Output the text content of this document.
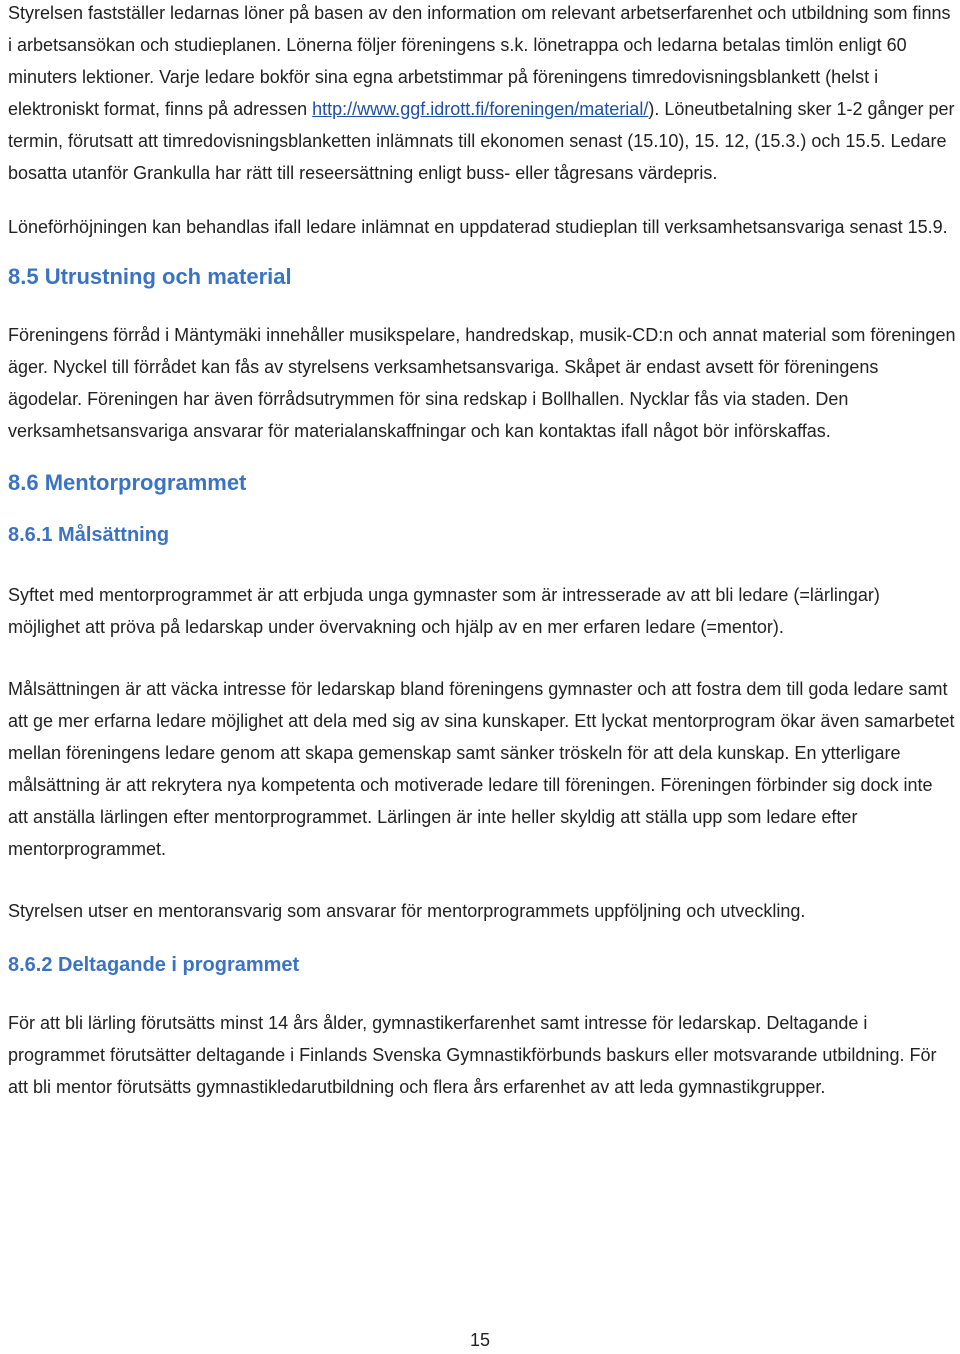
Styrelsen fastställer ledarnas löner på basen av den information om relevant arbetserfarenhet och utbildning som finns i arbetsansökan och studieplanen. Lönerna följer föreningens s.k. lönetrappa och ledarna betalas timlön enligt 60 minuters lektioner. Varje ledare bokför sina egna arbetstimmar på föreningens timredovisningsblankett (helst i elektroniskt format, finns på adressen http://www.ggf.idrott.fi/foreningen/material/). Löneutbetalning sker 1-2 gånger per termin, förutsatt att timredovisningsblanketten inlämnats till ekonomen senast (15.10), 15. 12, (15.3.) och 15.5. Ledare bosatta utanför Grankulla har rätt till reseersättning enligt buss- eller tågresans värdepris.

Löneförhöjningen kan behandlas ifall ledare inlämnat en uppdaterad studieplan till verksamhetsansvariga senast 15.9.

8.5 Utrustning och material

Föreningens förråd i Mäntymäki innehåller musikspelare, handredskap, musik-CD:n och annat material som föreningen äger. Nyckel till förrådet kan fås av styrelsens verksamhetsansvariga. Skåpet är endast avsett för föreningens ägodelar. Föreningen har även förrådsutrymmen för sina redskap i Bollhallen. Nycklar fås via staden. Den verksamhetsansvariga ansvarar för materialanskaffningar och kan kontaktas ifall något bör införskaffas.

8.6 Mentorprogrammet
8.6.1 Målsättning

Syftet med mentorprogrammet är att erbjuda unga gymnaster som är intresserade av att bli ledare (=lärlingar) möjlighet att pröva på ledarskap under övervakning och hjälp av en mer erfaren ledare (=mentor).

Målsättningen är att väcka intresse för ledarskap bland föreningens gymnaster och att fostra dem till goda ledare samt att ge mer erfarna ledare möjlighet att dela med sig av sina kunskaper. Ett lyckat mentorprogram ökar även samarbetet mellan föreningens ledare genom att skapa gemenskap samt sänker tröskeln för att dela kunskap. En ytterligare målsättning är att rekrytera nya kompetenta och motiverade ledare till föreningen. Föreningen förbinder sig dock inte att anställa lärlingen efter mentorprogrammet. Lärlingen är inte heller skyldig att ställa upp som ledare efter mentorprogrammet.

Styrelsen utser en mentoransvarig som ansvarar för mentorprogrammets uppföljning och utveckling.

8.6.2 Deltagande i programmet

För att bli lärling förutsätts minst 14 års ålder, gymnastikerfarenhet samt intresse för ledarskap. Deltagande i programmet förutsätter deltagande i Finlands Svenska Gymnastikförbunds baskurs eller motsvarande utbildning. För att bli mentor förutsätts gymnastikledarutbildning och flera års erfarenhet av att leda gymnastikgrupper.

15
